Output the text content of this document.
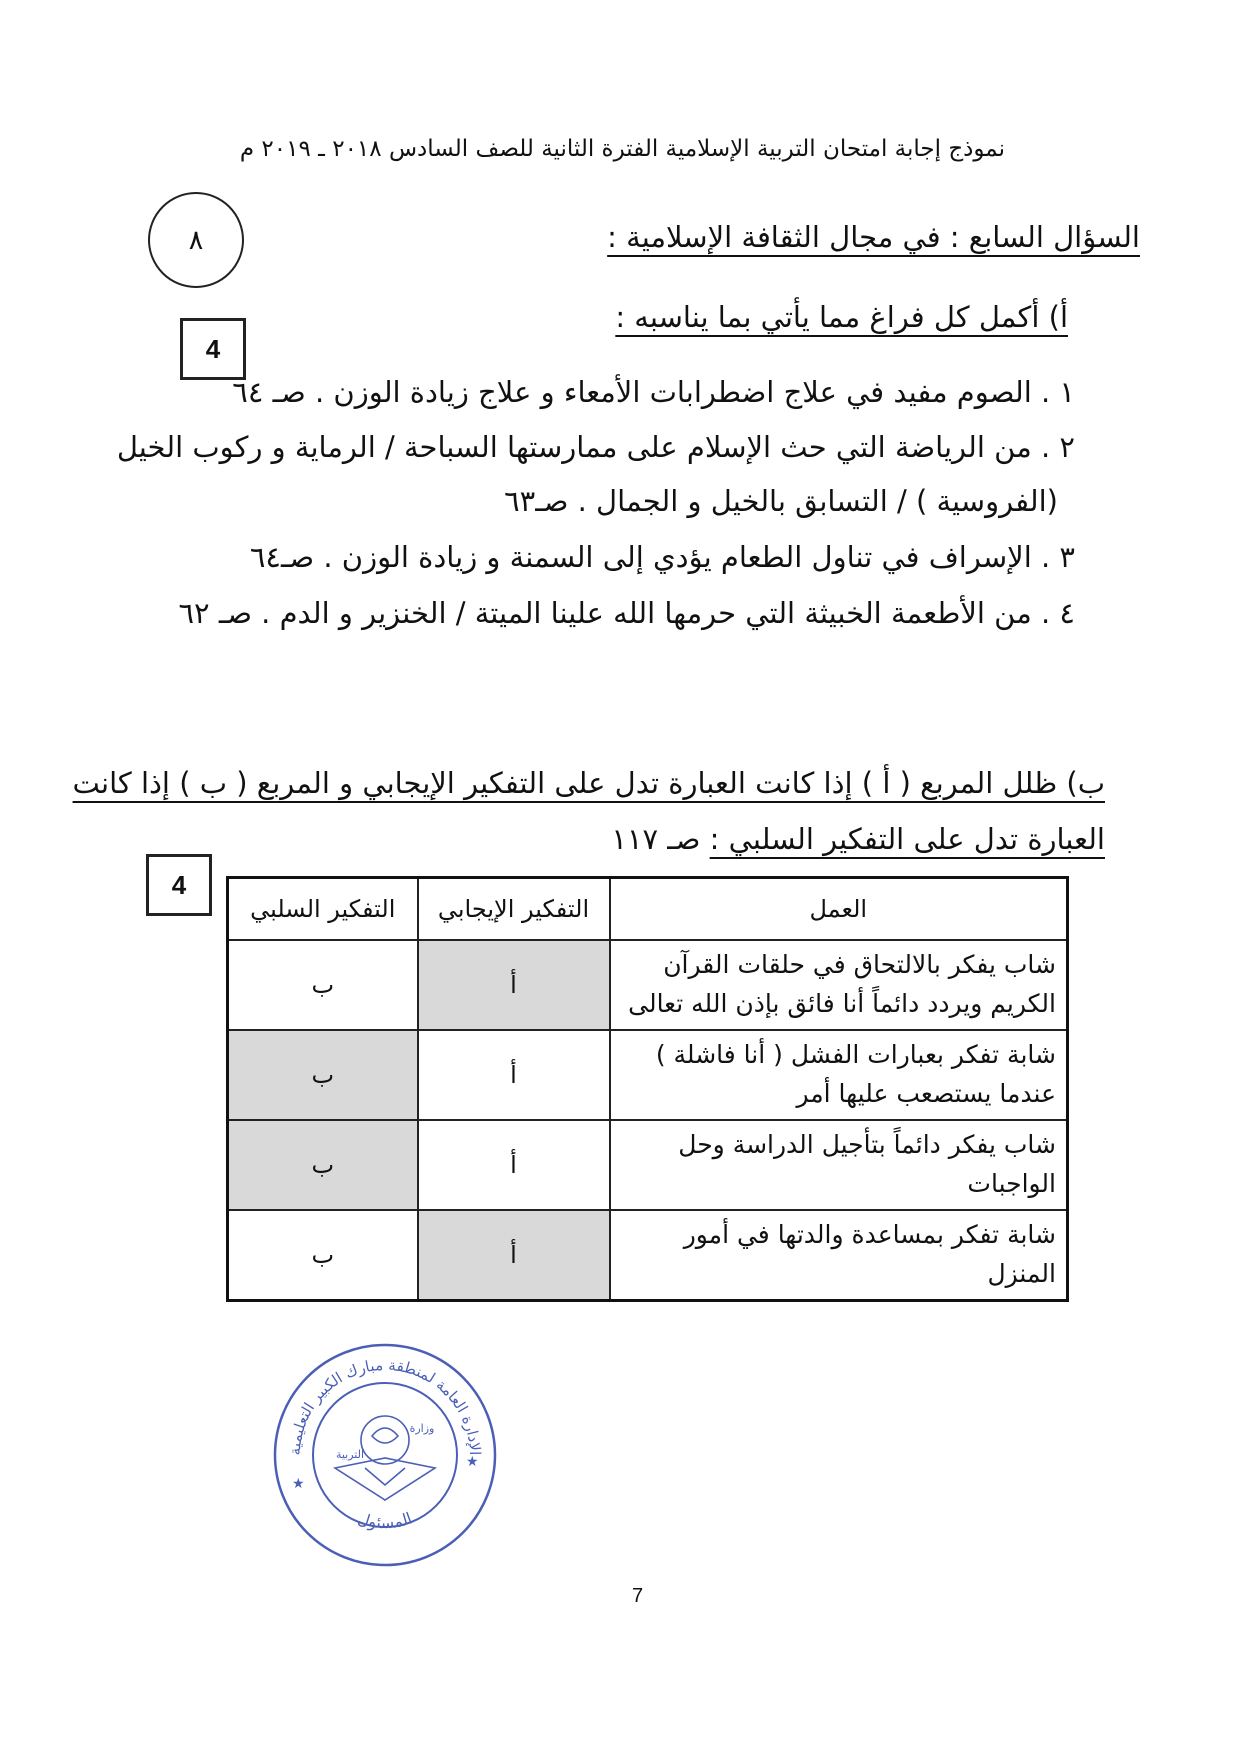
نموذج إجابة امتحان التربية الإسلامية الفترة الثانية للصف السادس ٢٠١٨ ـ ٢٠١٩ م
٨	السؤال السابع : في مجال الثقافة الإسلامية :
4
أ) أكمل كل فراغ مما يأتي بما يناسبه :
١ . الصوم مفيد في علاج اضطرابات الأمعاء و علاج زيادة الوزن . صـ ٦٤
٢ . من الرياضة التي حث الإسلام على ممارستها السباحة / الرماية و ركوب الخيل
(الفروسية ) / التسابق بالخيل و الجمال . صـ٦٣
٣ . الإسراف في تناول الطعام يؤدي إلى السمنة و زيادة الوزن . صـ٦٤
٤ . من الأطعمة الخبيثة التي حرمها الله علينا الميتة / الخنزير و الدم . صـ ٦٢
ب) ظلل المربع ( أ ) إذا كانت العبارة تدل على التفكير الإيجابي و المربع ( ب ) إذا كانت
العبارة تدل على التفكير السلبي : صـ ١١٧
4
التفكير السلبي	التفكير الإيجابي	العمل
ب	أ	شاب يفكر بالالتحاق في حلقات القرآن الكريم ويردد دائماً أنا فائق بإذن الله تعالى
ب	أ	شابة تفكر بعبارات الفشل ( أنا فاشلة ) عندما يستصعب عليها أمر
ب	أ	شاب يفكر دائماً بتأجيل الدراسة وحل الواجبات
ب	أ	شابة تفكر بمساعدة والدتها في أمور المنزل
الإدارة العامة لمنطقة مبارك الكبير التعليمية
المسئول
التربية
وزارة
★
★
7
